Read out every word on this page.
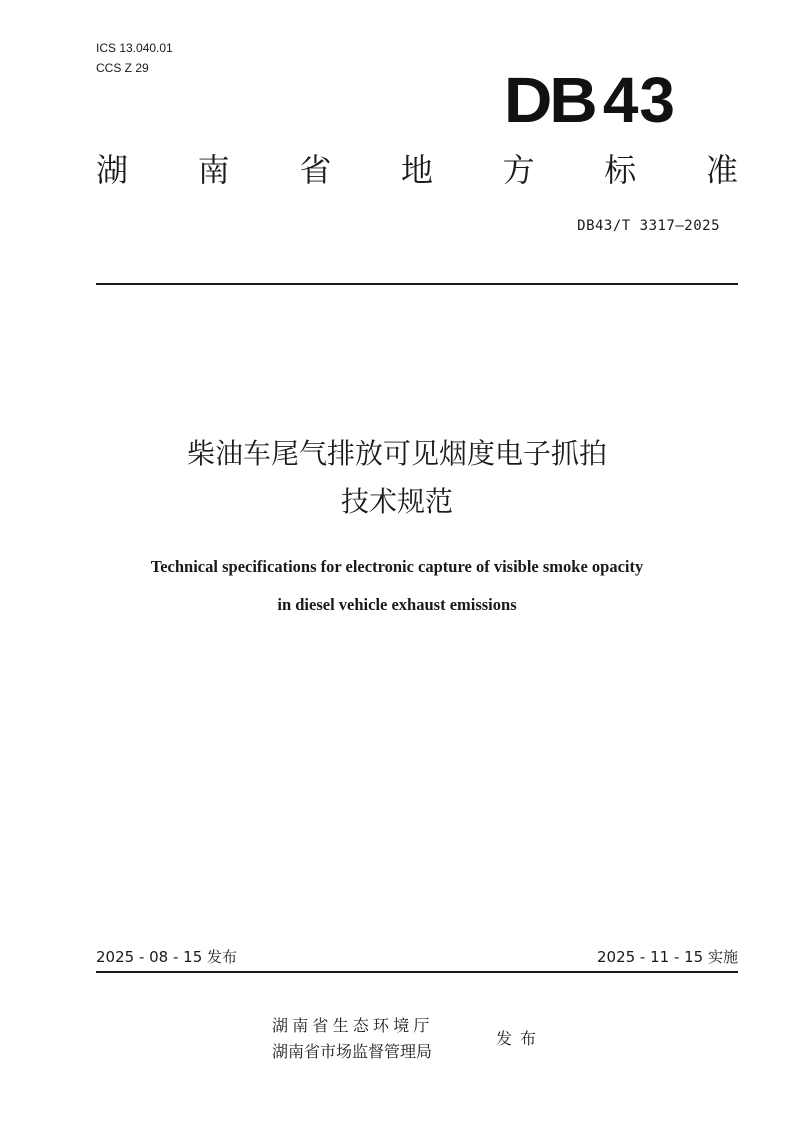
ICS 13.040.01
CCS Z 29	DB 43
湖 南 省 地 方 标 准
DB43/T 3317—2025
柴油车尾气排放可见烟度电子抓拍
技术规范
Technical specifications for electronic capture of visible smoke opacity
in diesel vehicle exhaust emissions
2025 - 08 - 15 发布	2025 - 11 - 15 实施
湖南省生态环境厅
湖南省市场监督管理局
发布
